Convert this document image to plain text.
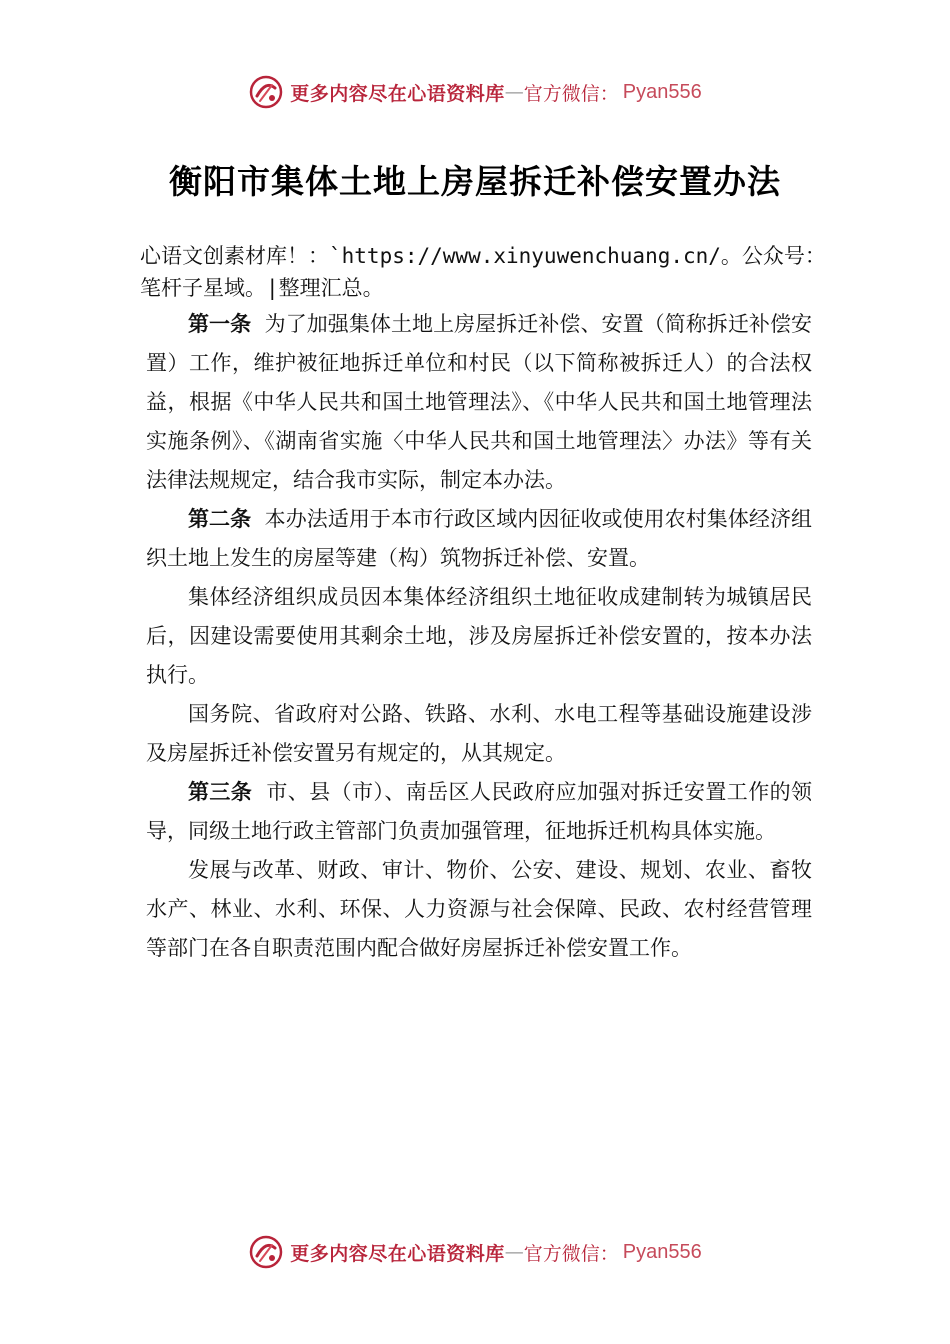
更多内容尽在心语资料库 — 官方微信： Pyan556
衡阳市集体土地上房屋拆迁补偿安置办法
心语文创素材库！：`https://www.xinyuwenchuang.cn/。公众号：笔杆子星域。|整理汇总。

第一条 为了加强集体土地上房屋拆迁补偿、安置（简称拆迁补偿安置）工作，维护被征地拆迁单位和村民（以下简称被拆迁人）的合法权益，根据《中华人民共和国土地管理法》、《中华人民共和国土地管理法实施条例》、《湖南省实施〈中华人民共和国土地管理法〉办法》等有关法律法规规定，结合我市实际，制定本办法。

第二条 本办法适用于本市行政区域内因征收或使用农村集体经济组织土地上发生的房屋等建（构）筑物拆迁补偿、安置。

集体经济组织成员因本集体经济组织土地征收成建制转为城镇居民后，因建设需要使用其剩余土地，涉及房屋拆迁补偿安置的，按本办法执行。

国务院、省政府对公路、铁路、水利、水电工程等基础设施建设涉及房屋拆迁补偿安置另有规定的，从其规定。

第三条 市、县（市）、南岳区人民政府应加强对拆迁安置工作的领导，同级土地行政主管部门负责加强管理，征地拆迁机构具体实施。

发展与改革、财政、审计、物价、公安、建设、规划、农业、畜牧水产、林业、水利、环保、人力资源与社会保障、民政、农村经营管理等部门在各自职责范围内配合做好房屋拆迁补偿安置工作。

更多内容尽在心语资料库 — 官方微信： Pyan556
